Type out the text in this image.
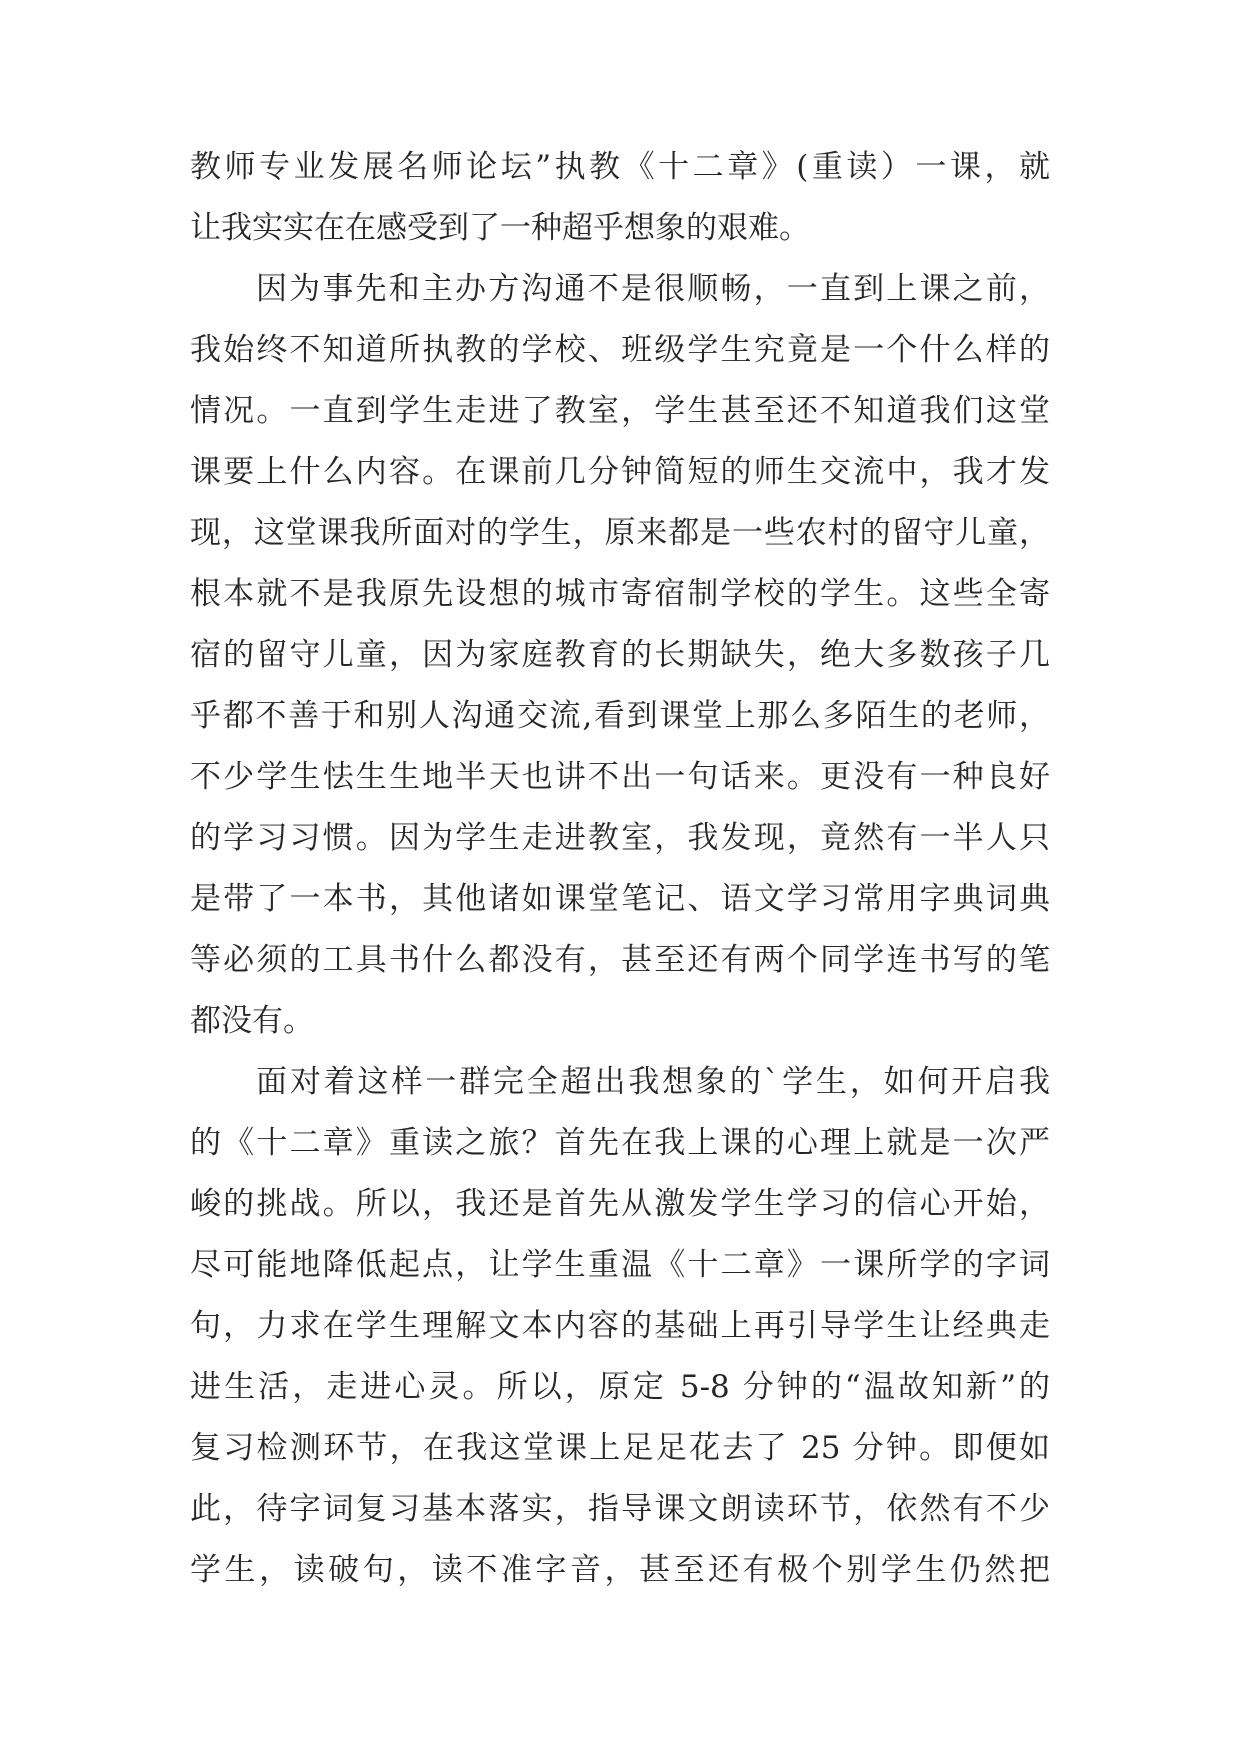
教师专业发展名师论坛”执教《十二章》(重读）一课，就
让我实实在在感受到了一种超乎想象的艰难。
因为事先和主办方沟通不是很顺畅，一直到上课之前，
我始终不知道所执教的学校、班级学生究竟是一个什么样的
情况。一直到学生走进了教室，学生甚至还不知道我们这堂
课要上什么内容。在课前几分钟简短的师生交流中，我才发
现，这堂课我所面对的学生，原来都是一些农村的留守儿童，
根本就不是我原先设想的城市寄宿制学校的学生。这些全寄
宿的留守儿童，因为家庭教育的长期缺失，绝大多数孩子几
乎都不善于和别人沟通交流,看到课堂上那么多陌生的老师，
不少学生怯生生地半天也讲不出一句话来。更没有一种良好
的学习习惯。因为学生走进教室，我发现，竟然有一半人只
是带了一本书，其他诸如课堂笔记、语文学习常用字典词典
等必须的工具书什么都没有，甚至还有两个同学连书写的笔
都没有。
面对着这样一群完全超出我想象的`学生，如何开启我
的《十二章》重读之旅？首先在我上课的心理上就是一次严
峻的挑战。所以，我还是首先从激发学生学习的信心开始，
尽可能地降低起点，让学生重温《十二章》一课所学的字词
句，力求在学生理解文本内容的基础上再引导学生让经典走
进生活，走进心灵。所以，原定 5-8 分钟的“温故知新”的
复习检测环节，在我这堂课上足足花去了 25 分钟。即便如
此，待字词复习基本落实，指导课文朗读环节，依然有不少
学生，读破句，读不准字音，甚至还有极个别学生仍然把
